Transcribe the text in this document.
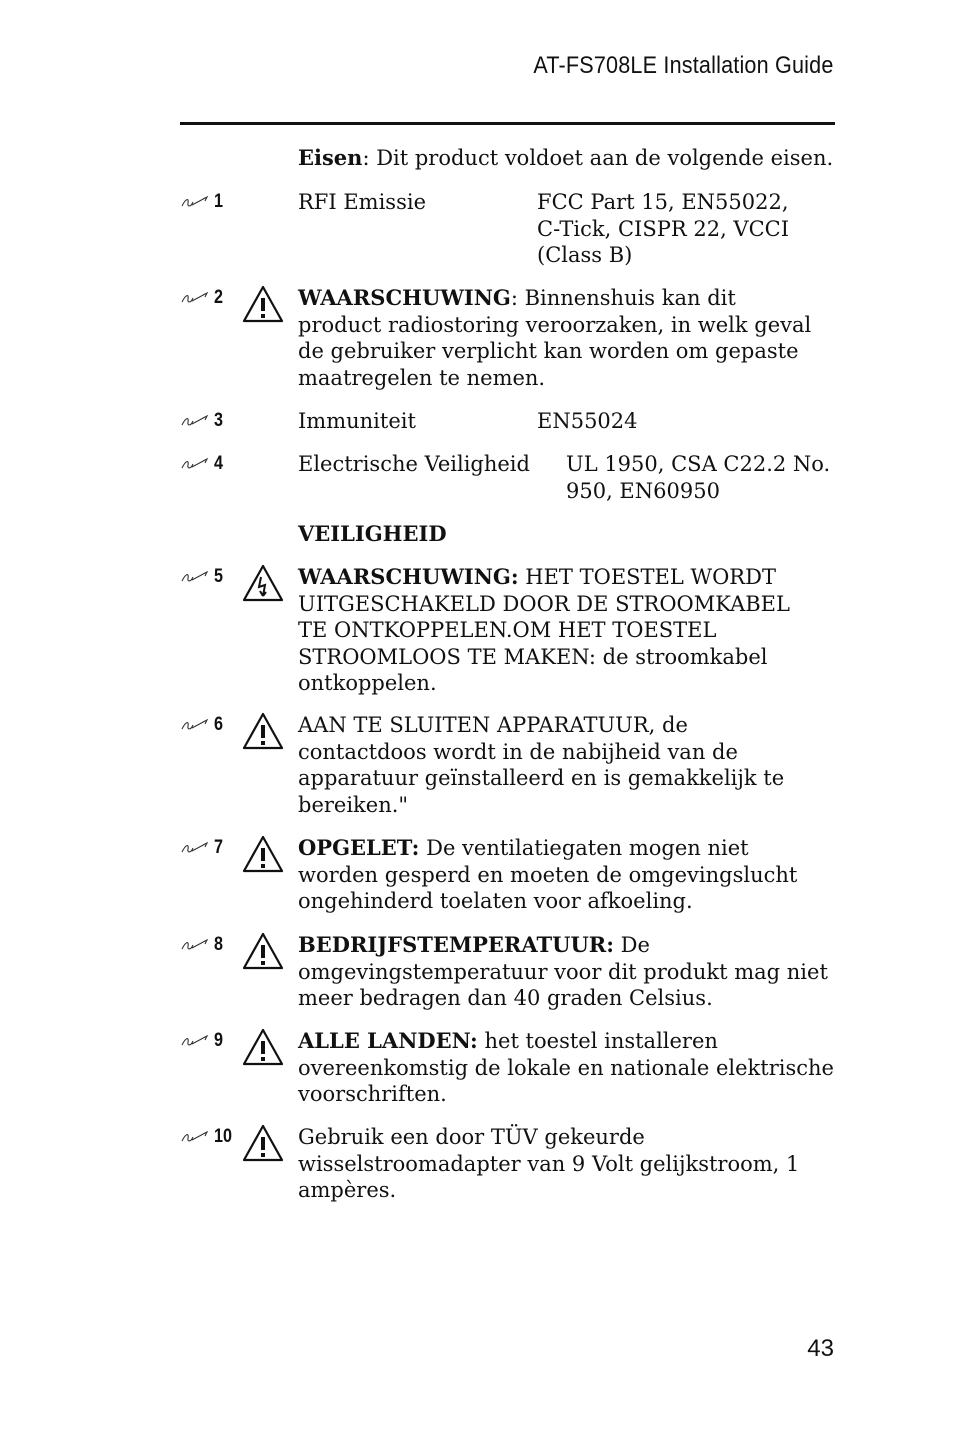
AT-FS708LE Installation Guide
Eisen: Dit product voldoet aan de volgende eisen.
1	RFI Emissie	FCC Part 15, EN55022,
C-Tick, CISPR 22, VCCI
(Class B)
2	WAARSCHUWING: Binnenshuis kan dit
product radiostoring veroorzaken, in welk geval
de gebruiker verplicht kan worden om gepaste
maatregelen te nemen.
3	Immuniteit	EN55024
4	Electrische Veiligheid	UL 1950, CSA C22.2 No.
950, EN60950
VEILIGHEID
5	WAARSCHUWING: HET TOESTEL WORDT
UITGESCHAKELD DOOR DE STROOMKABEL
TE ONTKOPPELEN.OM HET TOESTEL
STROOMLOOS TE MAKEN: de stroomkabel
ontkoppelen.
6	AAN TE SLUITEN APPARATUUR, de
contactdoos wordt in de nabijheid van de
apparatuur geïnstalleerd en is gemakkelijk te
bereiken."
7	OPGELET: De ventilatiegaten mogen niet
worden gesperd en moeten de omgevingslucht
ongehinderd toelaten voor afkoeling.
8	BEDRIJFSTEMPERATUUR: De
omgevingstemperatuur voor dit produkt mag niet
meer bedragen dan 40 graden Celsius.
9	ALLE LANDEN: het toestel installeren
overeenkomstig de lokale en nationale elektrische
voorschriften.
10	Gebruik een door TÜV gekeurde
wisselstroomadapter van 9 Volt gelijkstroom, 1
ampères.
43
